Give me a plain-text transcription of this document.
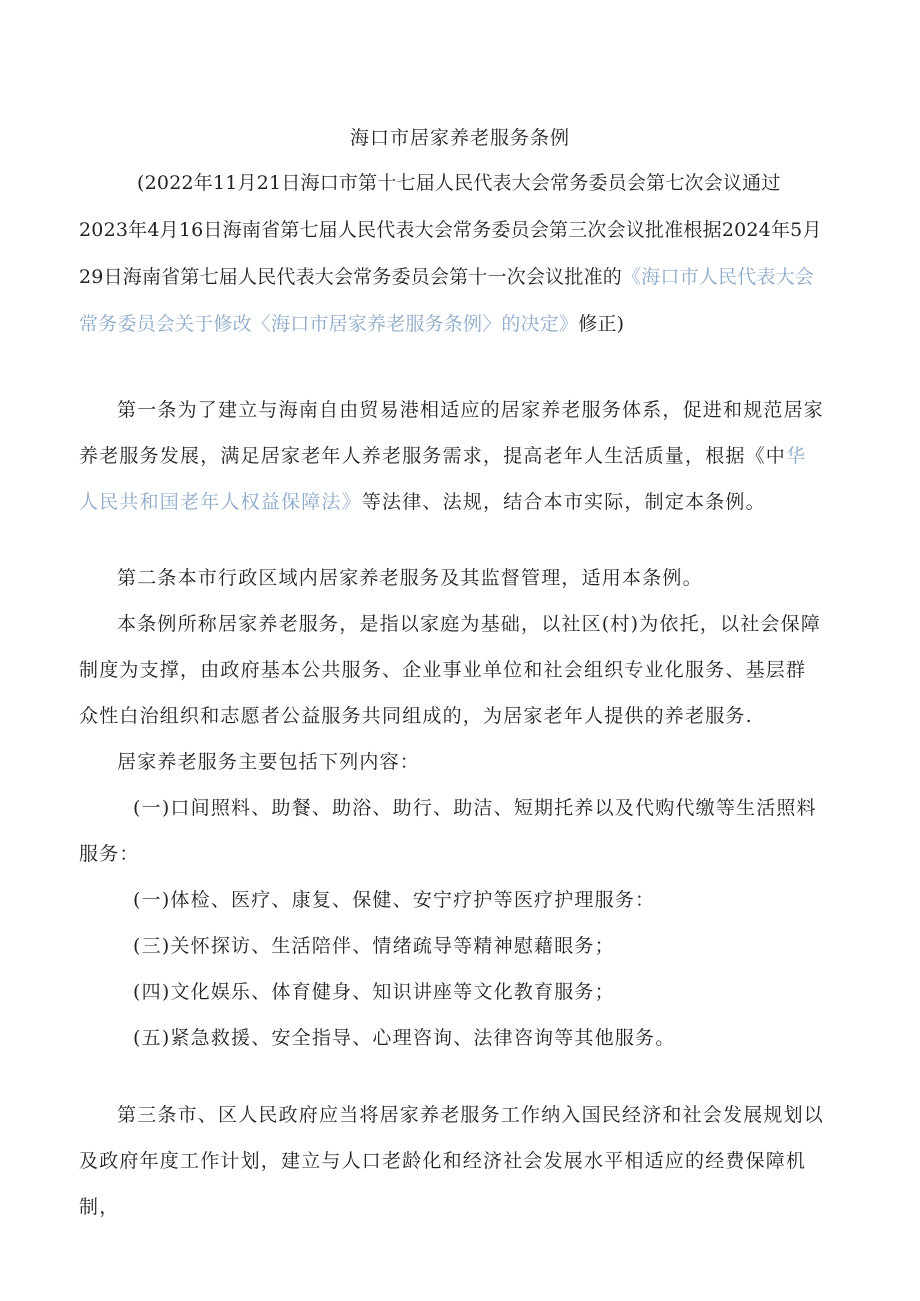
海口市居家养老服务条例
(2022年11月21日海口市第十七届人民代表大会常务委员会第七次会议通过 2023年4月16日海南省第七届人民代表大会常务委员会第三次会议批准根据2024年5月29日海南省第七届人民代表大会常务委员会第十一次会议批准的《海口市人民代表大会常务委员会关于修改〈海口市居家养老服务条例〉的决定》修正)
第一条为了建立与海南自由贸易港相适应的居家养老服务体系，促进和规范居家养老服务发展，满足居家老年人养老服务需求，提高老年人生活质量，根据《中华人民共和国老年人权益保障法》等法律、法规，结合本市实际，制定本条例。
第二条本市行政区域内居家养老服务及其监督管理，适用本条例。
本条例所称居家养老服务，是指以家庭为基础，以社区(村)为依托，以社会保障制度为支撑，由政府基本公共服务、企业事业单位和社会组织专业化服务、基层群众性白治组织和志愿者公益服务共同组成的，为居家老年人提供的养老服务.
居家养老服务主要包括下列内容：
(一)口间照料、助餐、助浴、助行、助洁、短期托养以及代购代缴等生活照料服务：
(一)体检、医疗、康复、保健、安宁疗护等医疗护理服务：
(三)关怀探访、生活陪伴、情绪疏导等精神慰藉眼务；
(四)文化娱乐、体育健身、知识讲座等文化教育服务；
(五)紧急救援、安全指导、心理咨询、法律咨询等其他服务。
第三条市、区人民政府应当将居家养老服务工作纳入国民经济和社会发展规划以及政府年度工作计划，建立与人口老龄化和经济社会发展水平相适应的经费保障机制，
